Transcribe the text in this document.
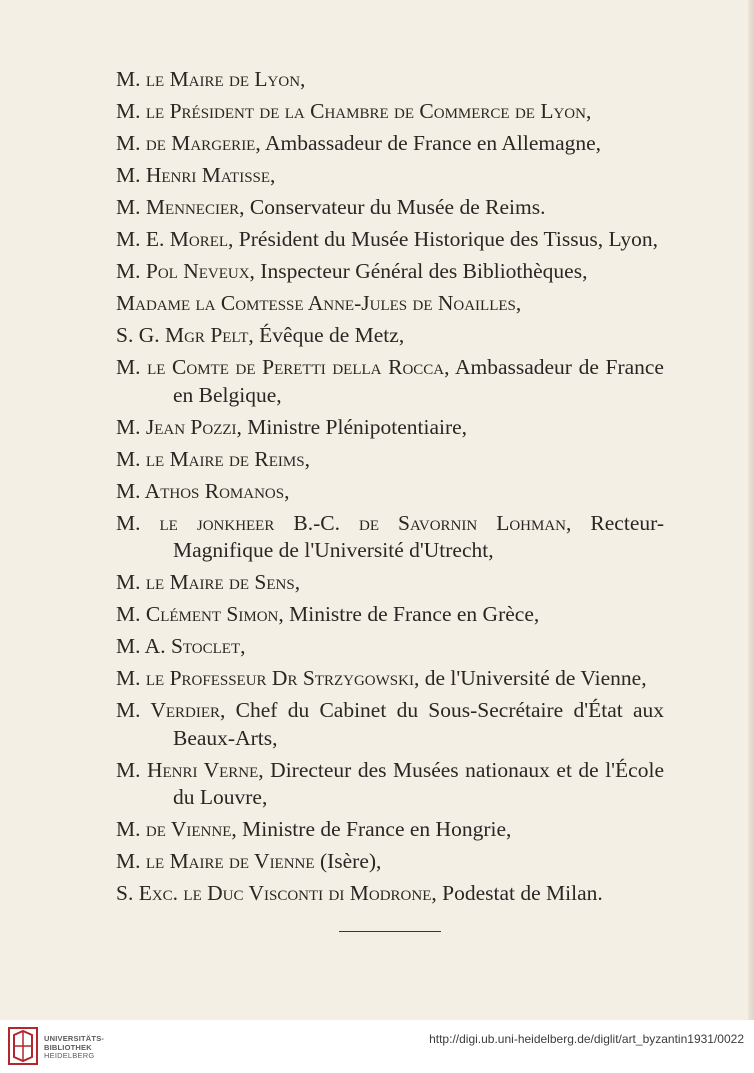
M. le Maire de Lyon,
M. le Président de la Chambre de Commerce de Lyon,
M. de Margerie, Ambassadeur de France en Allemagne,
M. Henri Matisse,
M. Mennecier, Conservateur du Musée de Reims.
M. E. Morel, Président du Musée Historique des Tissus, Lyon,
M. Pol Neveux, Inspecteur Général des Bibliothèques,
Madame la Comtesse Anne-Jules de Noailles,
S. G. Mgr Pelt, Évêque de Metz,
M. le Comte de Peretti della Rocca, Ambassadeur de France en Belgique,
M. Jean Pozzi, Ministre Plénipotentiaire,
M. le Maire de Reims,
M. Athos Romanos,
M. le jonkheer B.-C. de Savornin Lohman, Recteur-Magnifique de l'Université d'Utrecht,
M. le Maire de Sens,
M. Clément Simon, Ministre de France en Grèce,
M. A. Stoclet,
M. le Professeur Dr Strzygowski, de l'Université de Vienne,
M. Verdier, Chef du Cabinet du Sous-Secrétaire d'État aux Beaux-Arts,
M. Henri Verne, Directeur des Musées nationaux et de l'École du Louvre,
M. de Vienne, Ministre de France en Hongrie,
M. le Maire de Vienne (Isère),
S. Exc. le Duc Visconti di Modrone, Podestat de Milan.
UNIVERSITÄTS-
BIBLIOTHEK
HEIDELBERG
http://digi.ub.uni-heidelberg.de/diglit/art_byzantin1931/0022
